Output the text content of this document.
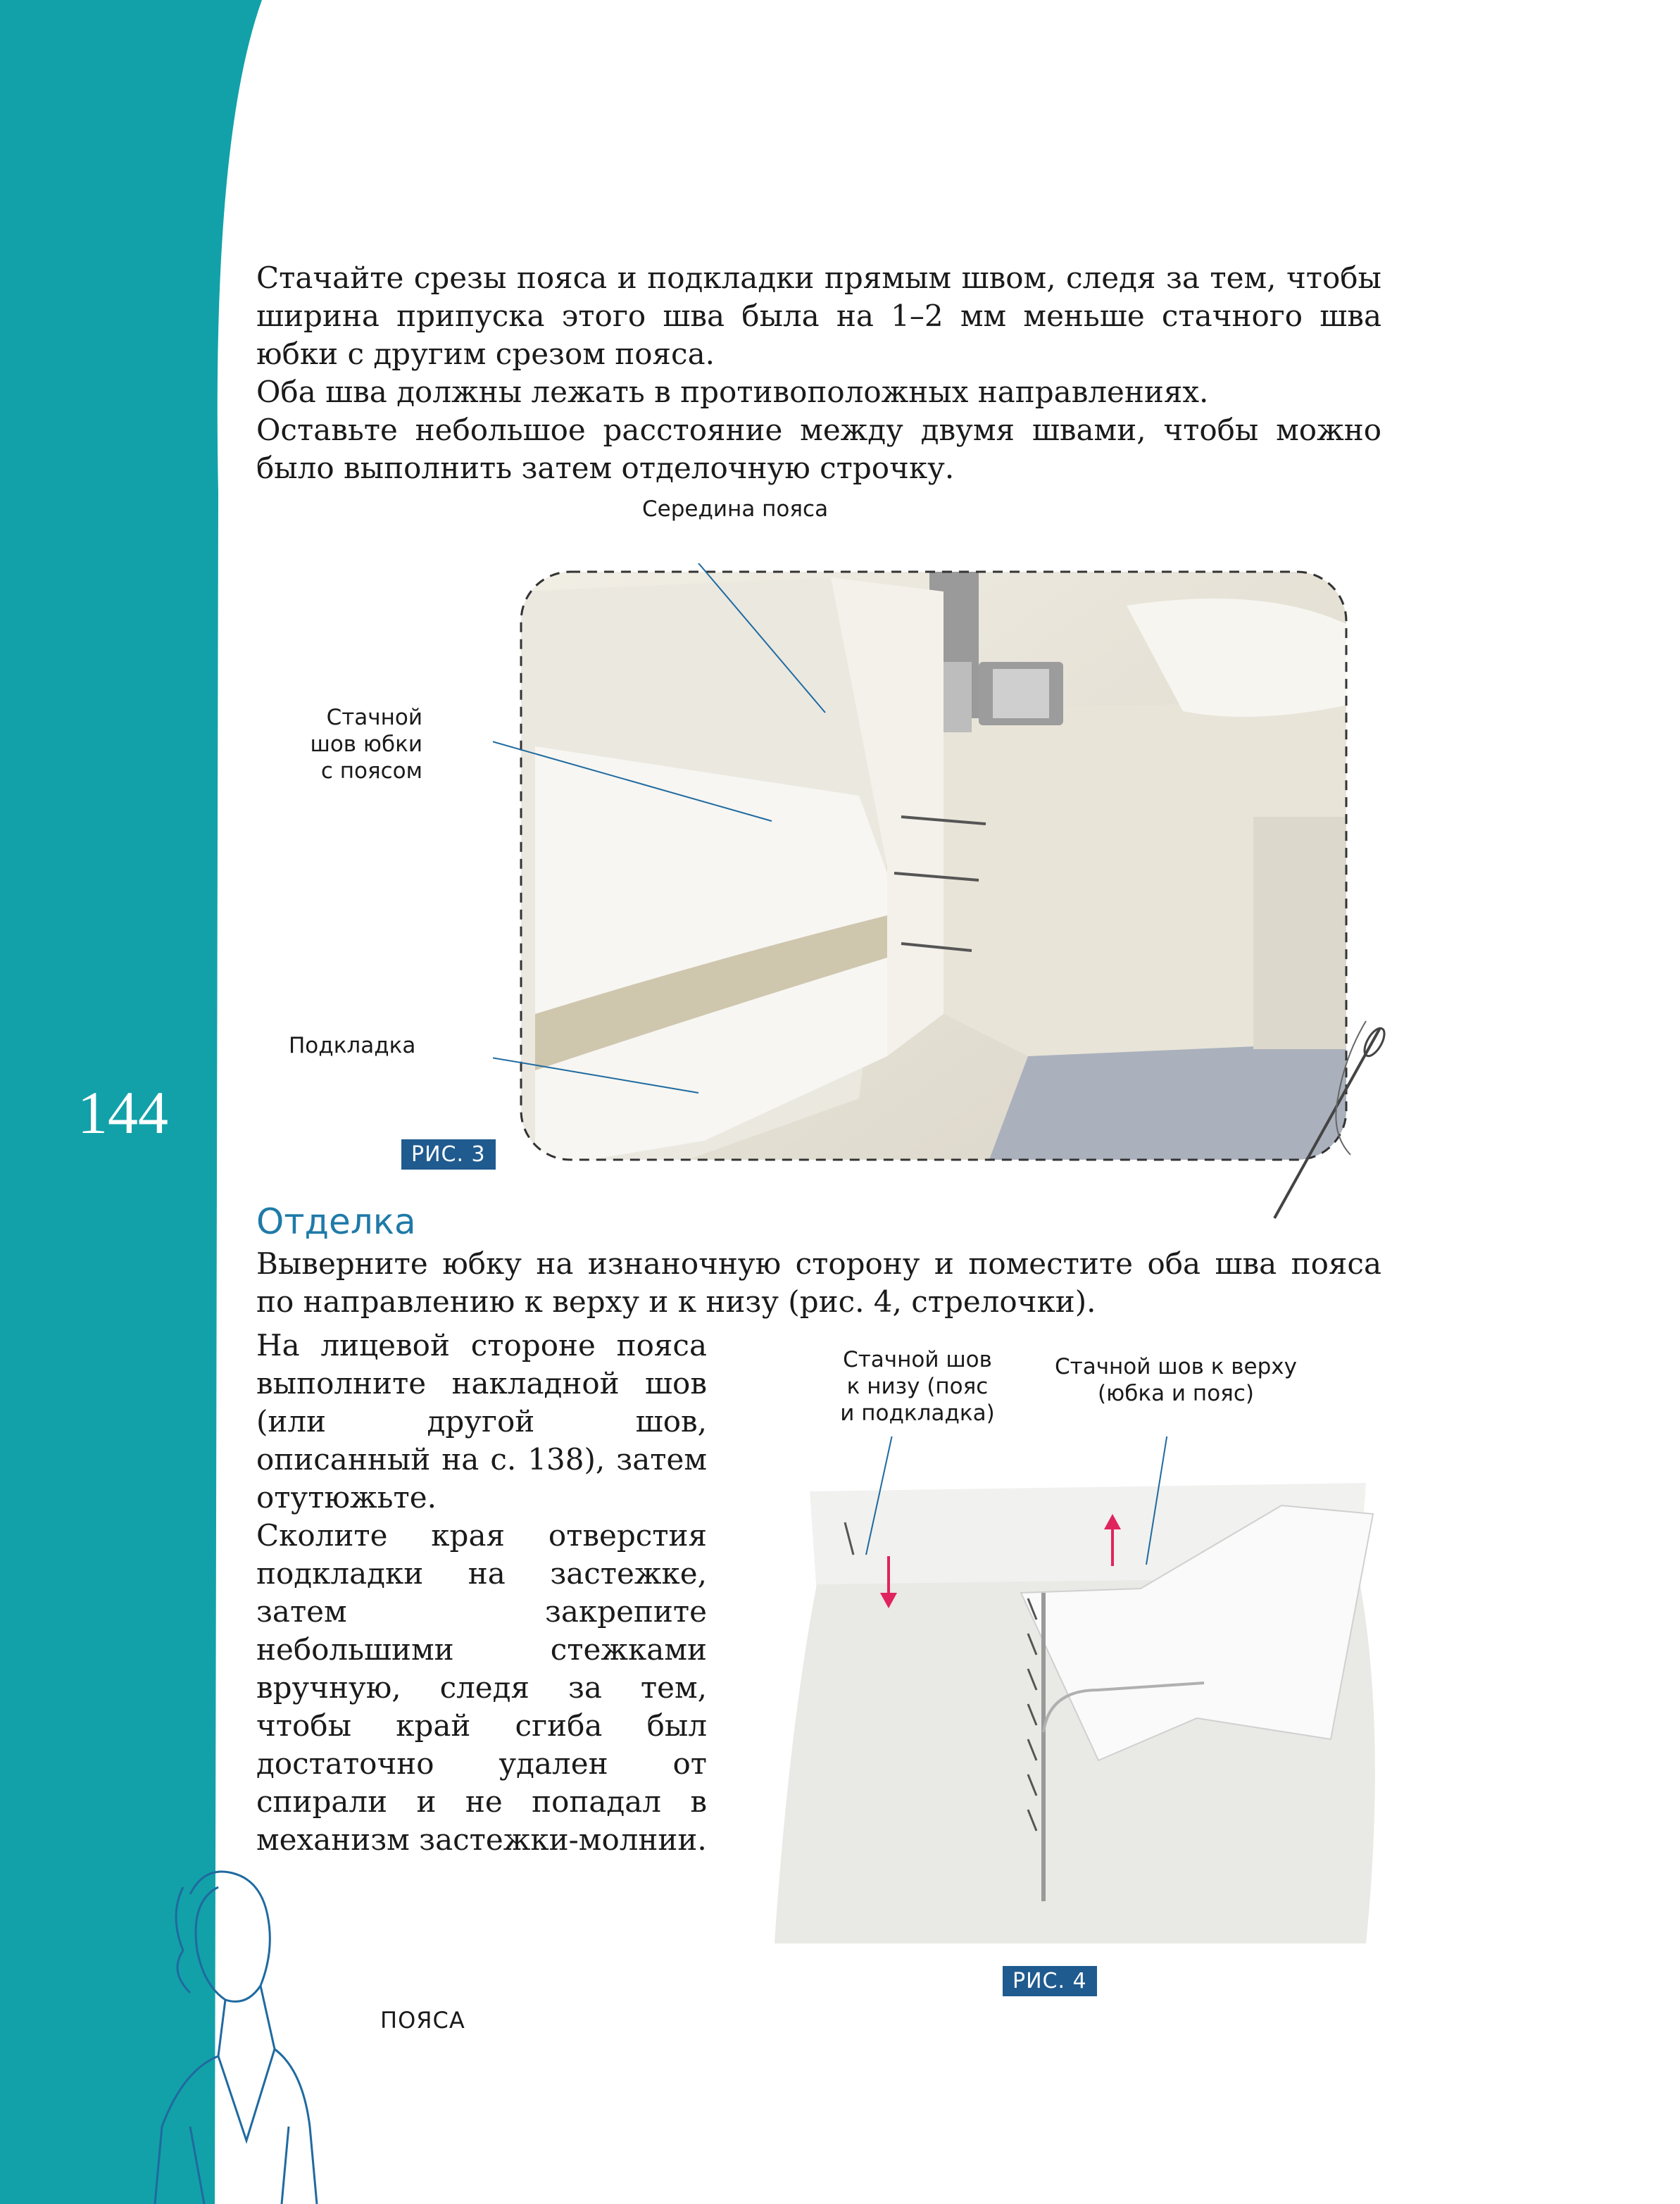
144

Стачайте срезы пояса и подкладки прямым швом, следя за тем, чтобы ширина припуска этого шва была на 1–2 мм меньше стачного шва юбки с другим срезом пояса.

Оба шва должны лежать в противоположных направлениях.

Оставьте небольшое расстояние между двумя швами, чтобы можно было выполнить затем отделочную строчку.

Середина пояса
Стачной
шов юбки
с поясом
Подкладка
РИС. 3
Отделка

Выверните юбку на изнаночную сторону и поместите оба шва пояса по направлению к верху и к низу (рис. 4, стрелочки).

На лицевой стороне пояса выполните накладной шов (или другой шов, описанный на с. 138), затем отутюжьте.

Сколите края отверстия подкладки на застежке, затем закрепите небольшими стежками вручную, следя за тем, чтобы край сгиба был достаточно удален от спирали и не попадал в механизм застежки-молнии.

Стачной шов
к низу (пояс
и подкладка)
Стачной шов к верху
(юбка и пояс)
РИС. 4
ПОЯСА
